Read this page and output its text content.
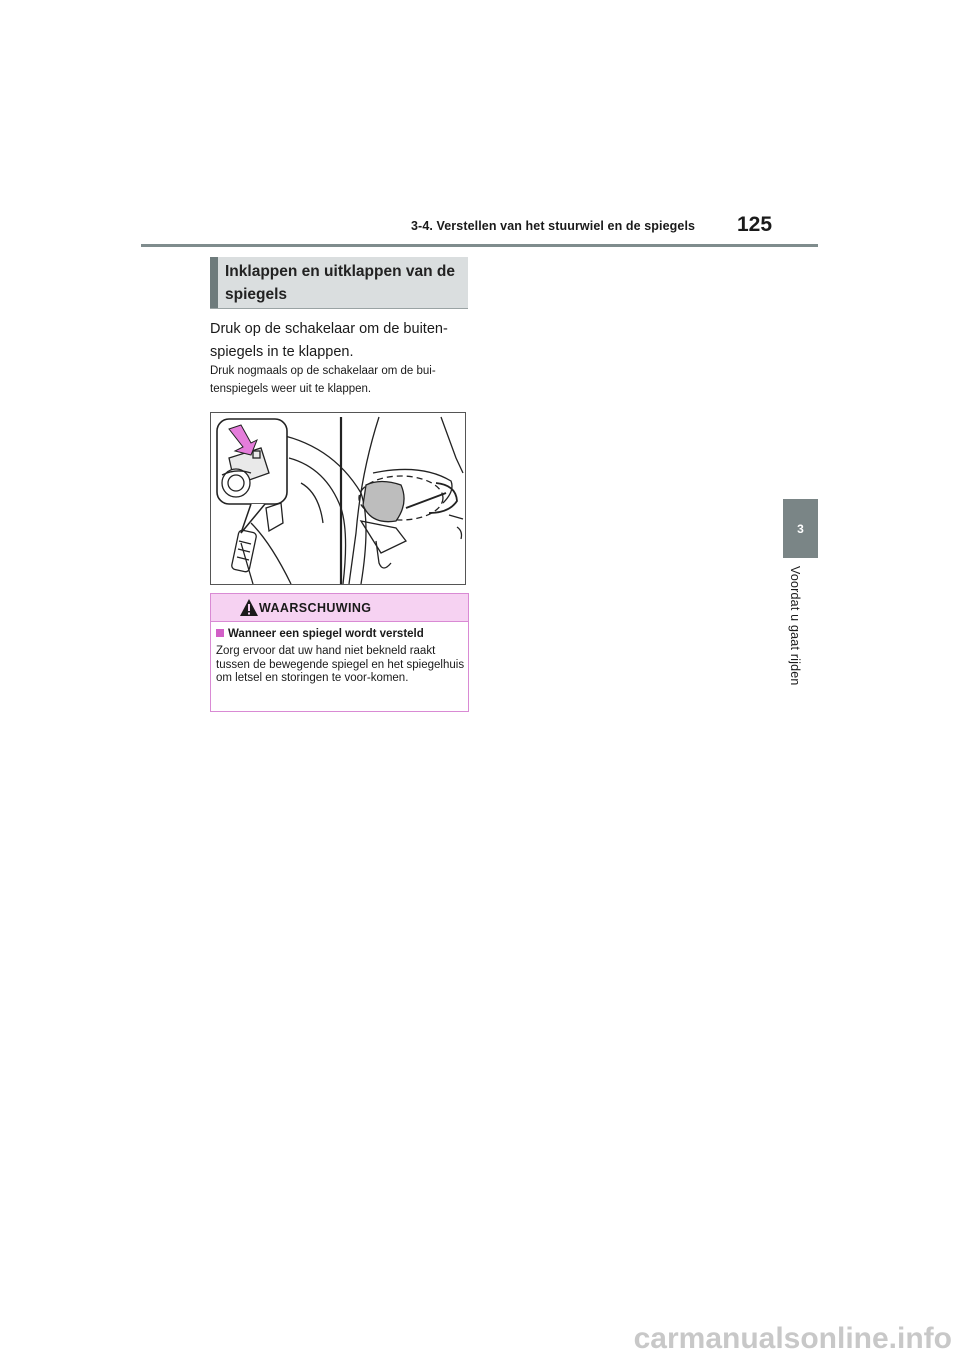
3-4. Verstellen van het stuurwiel en de spiegels 125
3
Voordat u gaat rijden
Inklappen en uitklappen van de spiegels
Druk op de schakelaar om de buiten-spiegels in te klappen.
Druk nogmaals op de schakelaar om de bui-tenspiegels weer uit te klappen.
WAARSCHUWING
Wanneer een spiegel wordt versteld
Zorg ervoor dat uw hand niet bekneld raakt tussen de bewegende spiegel en het spiegelhuis om letsel en storingen te voor-komen.
carmanualsonline.info
